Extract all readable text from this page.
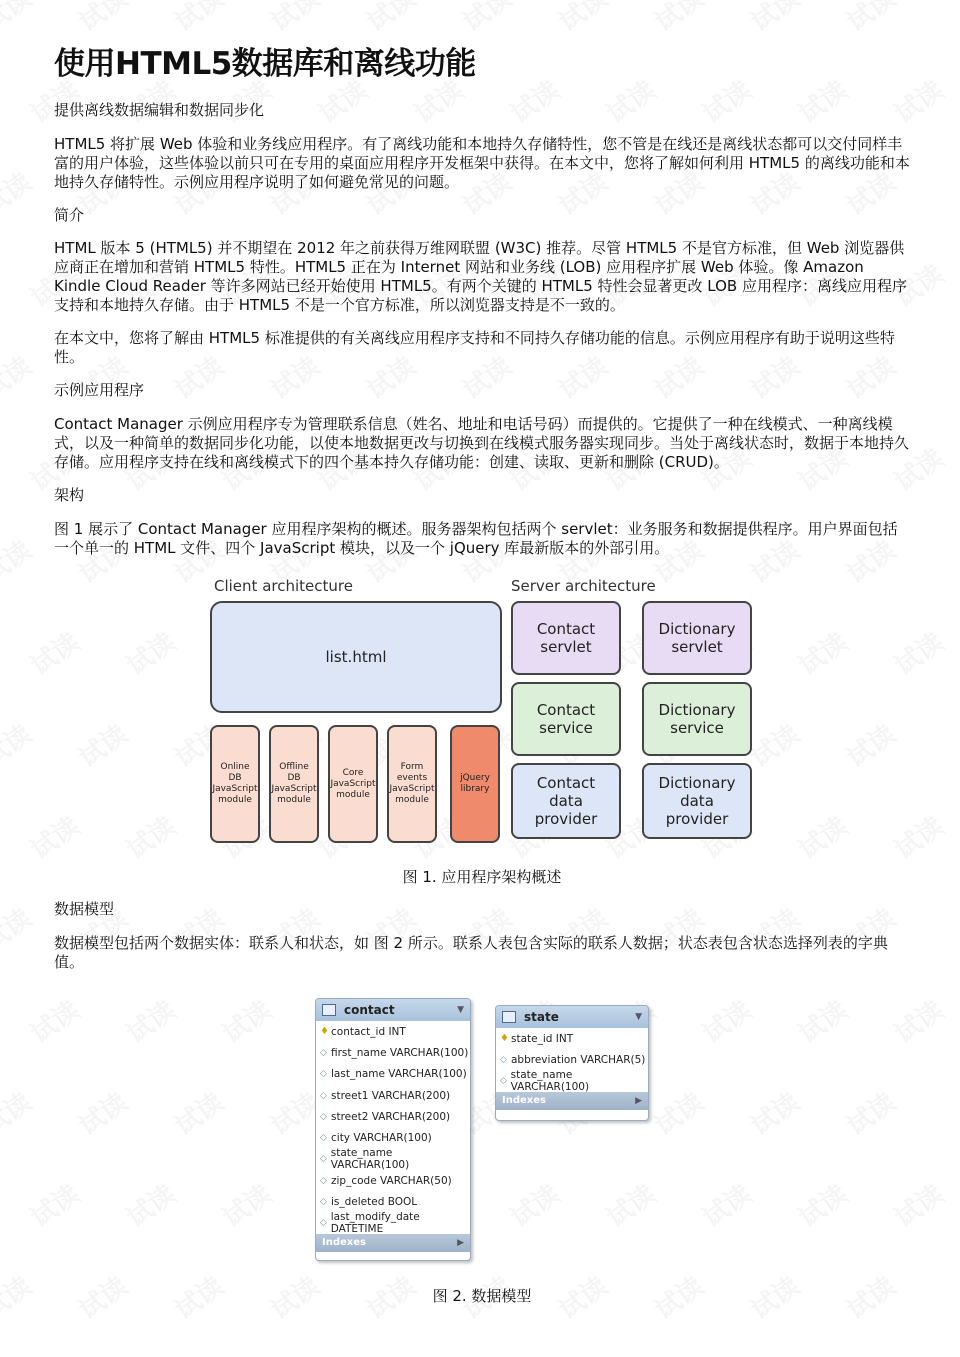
使用HTML5数据库和离线功能

提供离线数据编辑和数据同步化

HTML5 将扩展 Web 体验和业务线应用程序。有了离线功能和本地持久存储特性，您不管是在线还是离线状态都可以交付同样丰富的用户体验，这些体验以前只可在专用的桌面应用程序开发框架中获得。在本文中，您将了解如何利用 HTML5 的离线功能和本地持久存储特性。示例应用程序说明了如何避免常见的问题。

简介

HTML 版本 5 (HTML5) 并不期望在 2012 年之前获得万维网联盟 (W3C) 推荐。尽管 HTML5 不是官方标准，但 Web 浏览器供应商正在增加和营销 HTML5 特性。HTML5 正在为 Internet 网站和业务线 (LOB) 应用程序扩展 Web 体验。像 Amazon Kindle Cloud Reader 等许多网站已经开始使用 HTML5。有两个关键的 HTML5 特性会显著更改 LOB 应用程序：离线应用程序支持和本地持久存储。由于 HTML5 不是一个官方标准，所以浏览器支持是不一致的。

在本文中，您将了解由 HTML5 标准提供的有关离线应用程序支持和不同持久存储功能的信息。示例应用程序有助于说明这些特性。

示例应用程序

Contact Manager 示例应用程序专为管理联系信息（姓名、地址和电话号码）而提供的。它提供了一种在线模式、一种离线模式，以及一种简单的数据同步化功能，以使本地数据更改与切换到在线模式服务器实现同步。当处于离线状态时，数据于本地持久存储。应用程序支持在线和离线模式下的四个基本持久存储功能：创建、读取、更新和删除 (CRUD)。

架构

图 1 展示了 Contact Manager 应用程序架构的概述。服务器架构包括两个 servlet：业务服务和数据提供程序。用户界面包括一个单一的 HTML 文件、四个 JavaScript 模块，以及一个 jQuery 库最新版本的外部引用。

Client architecture	Server architecture
list.html
Online
DB
JavaScript
module
Offline
DB
JavaScript
module
Core
JavaScript
module
Form
events
JavaScript
module
jQuery
library
Contact
servlet
Dictionary
servlet
Contact
service
Dictionary
service
Contact
data
provider
Dictionary
data
provider
图 1. 应用程序架构概述

数据模型

数据模型包括两个数据实体：联系人和状态，如 图 2 所示。联系人表包含实际的联系人数据；状态表包含状态选择列表的字典值。

contact	▼
♦ contact_id INT
◇ first_name VARCHAR(100)
◇ last_name VARCHAR(100)
◇ street1 VARCHAR(200)
◇ street2 VARCHAR(200)
◇ city VARCHAR(100)
◇ state_name VARCHAR(100)
◇ zip_code VARCHAR(50)
◇ is_deleted BOOL
◇ last_modify_date DATETIME
Indexes	▶
state	▼
♦ state_id INT
◇ abbreviation VARCHAR(5)
◇ state_name VARCHAR(100)
Indexes	▶
图 2. 数据模型
